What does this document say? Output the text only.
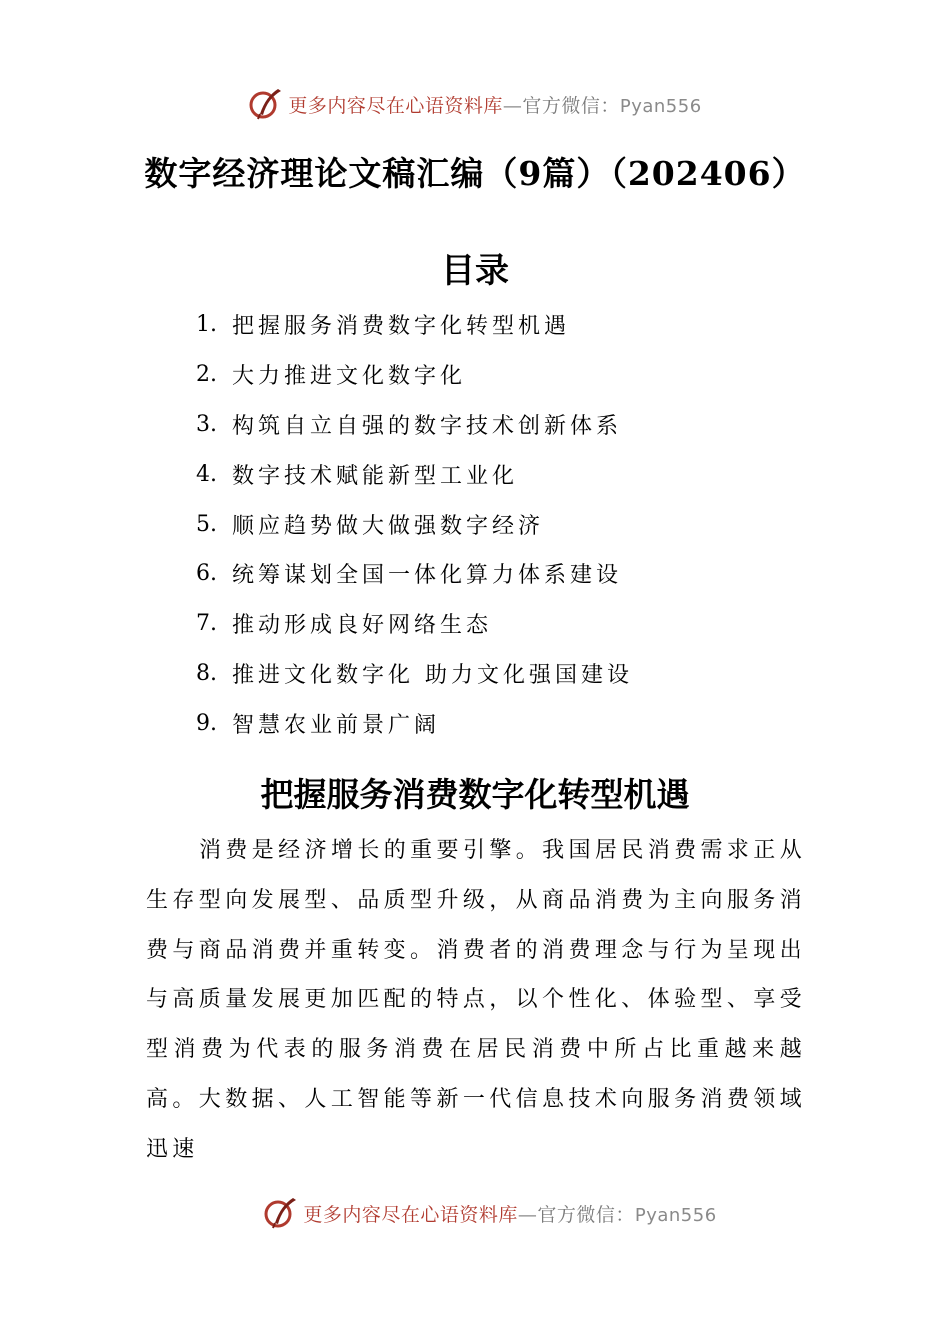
更多内容尽在心语资料库—官方微信：Pyan556
数字经济理论文稿汇编（9篇）（202406）
目录
1. 把握服务消费数字化转型机遇
2. 大力推进文化数字化
3. 构筑自立自强的数字技术创新体系
4. 数字技术赋能新型工业化
5. 顺应趋势做大做强数字经济
6. 统筹谋划全国一体化算力体系建设
7. 推动形成良好网络生态
8. 推进文化数字化 助力文化强国建设
9. 智慧农业前景广阔
把握服务消费数字化转型机遇

消费是经济增长的重要引擎。我国居民消费需求正从生存型向发展型、品质型升级，从商品消费为主向服务消费与商品消费并重转变。消费者的消费理念与行为呈现出与高质量发展更加匹配的特点，以个性化、体验型、享受型消费为代表的服务消费在居民消费中所占比重越来越高。大数据、人工智能等新一代信息技术向服务消费领域迅速

更多内容尽在心语资料库—官方微信：Pyan556
